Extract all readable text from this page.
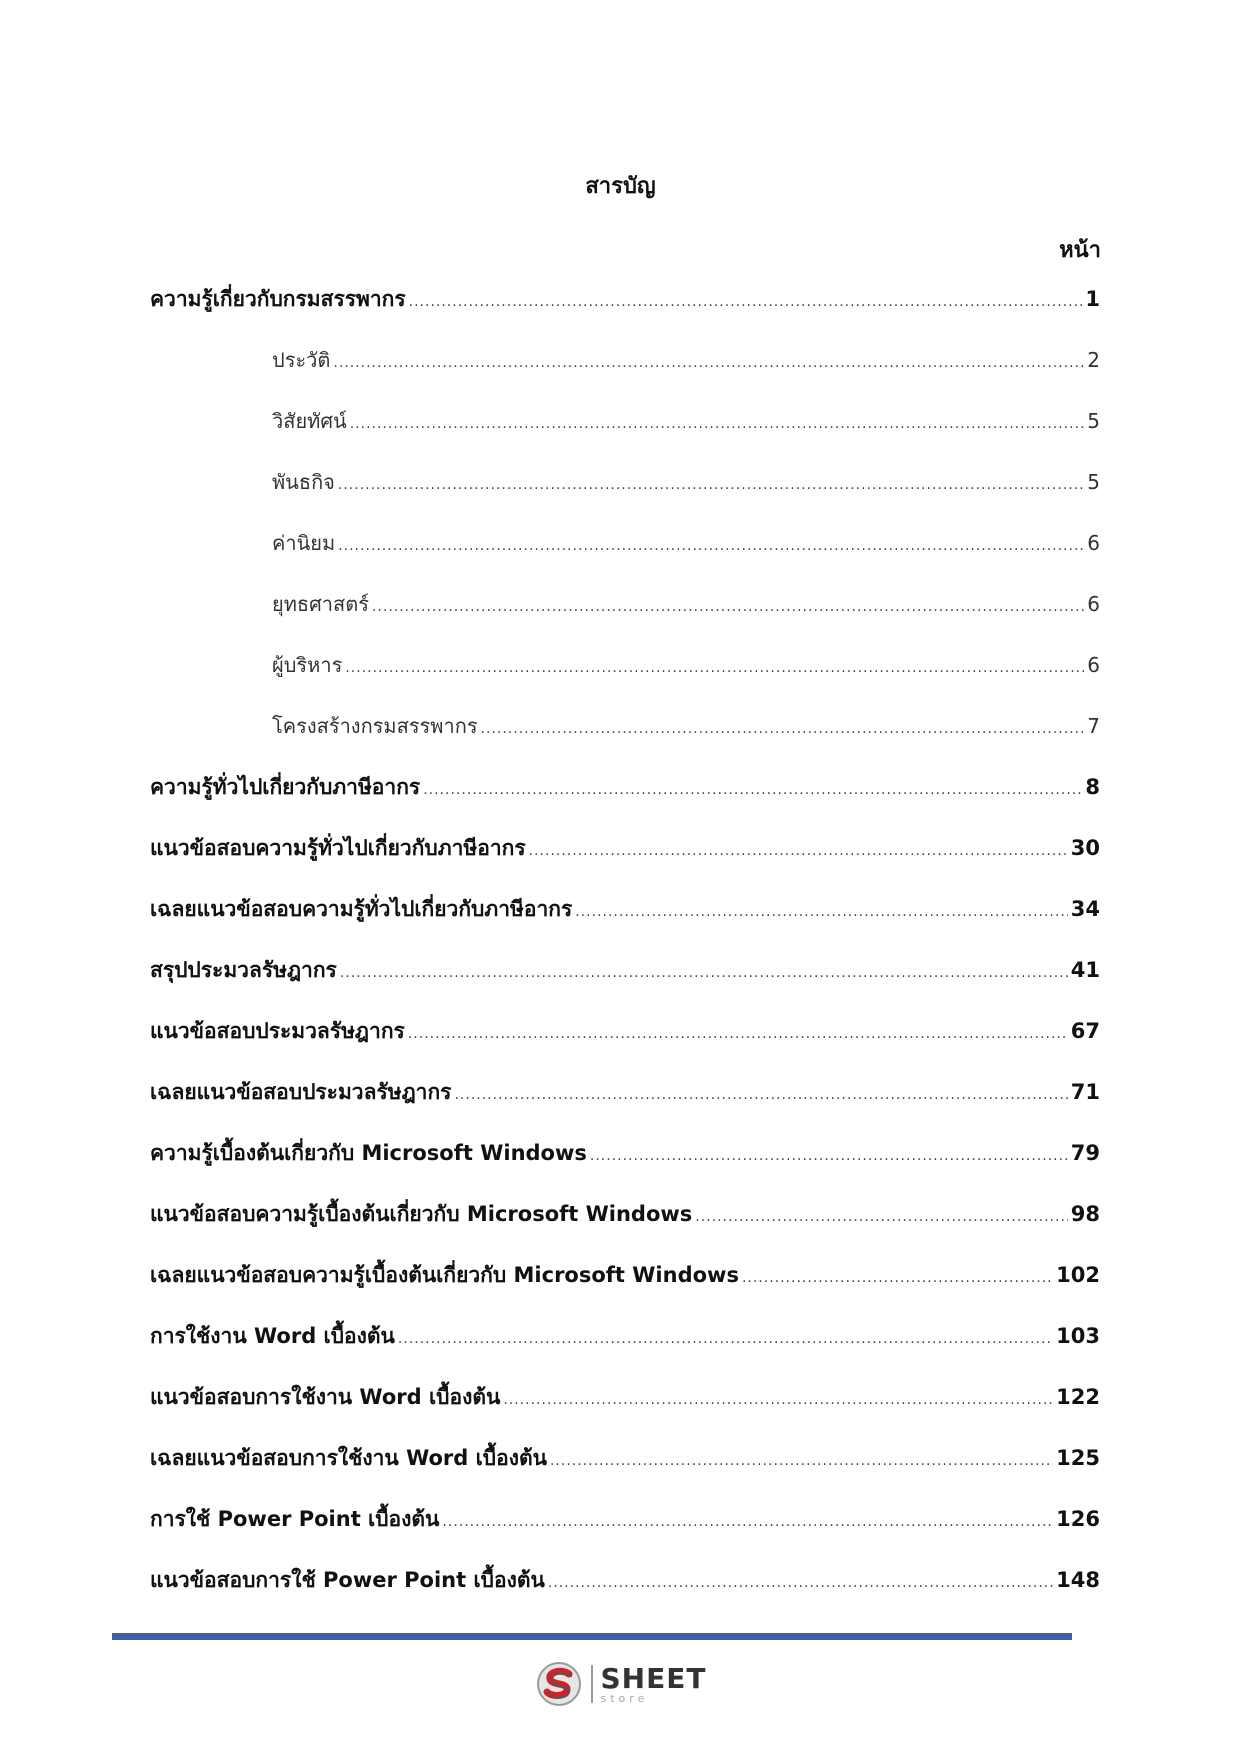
สารบัญ
หน้า
ความรู้เกี่ยวกับกรมสรรพากร .....	1
ประวัติ .....	2
วิสัยทัศน์ .....	5
พันธกิจ .....	5
ค่านิยม .....	6
ยุทธศาสตร์ .....	6
ผู้บริหาร .....	6
โครงสร้างกรมสรรพากร .....	7
ความรู้ทั่วไปเกี่ยวกับภาษีอากร .....	8
แนวข้อสอบความรู้ทั่วไปเกี่ยวกับภาษีอากร .....	30
เฉลยแนวข้อสอบความรู้ทั่วไปเกี่ยวกับภาษีอากร .....	34
สรุปประมวลรัษฎากร .....	41
แนวข้อสอบประมวลรัษฎากร .....	67
เฉลยแนวข้อสอบประมวลรัษฎากร .....	71
ความรู้เบื้องต้นเกี่ยวกับ Microsoft Windows .....	79
แนวข้อสอบความรู้เบื้องต้นเกี่ยวกับ Microsoft Windows .....	98
เฉลยแนวข้อสอบความรู้เบื้องต้นเกี่ยวกับ Microsoft Windows .....	102
การใช้งาน Word เบื้องต้น .....	103
แนวข้อสอบการใช้งาน Word เบื้องต้น .....	122
เฉลยแนวข้อสอบการใช้งาน Word เบื้องต้น .....	125
การใช้ Power Point เบื้องต้น .....	126
แนวข้อสอบการใช้ Power Point เบื้องต้น .....	148
SHEET
store
